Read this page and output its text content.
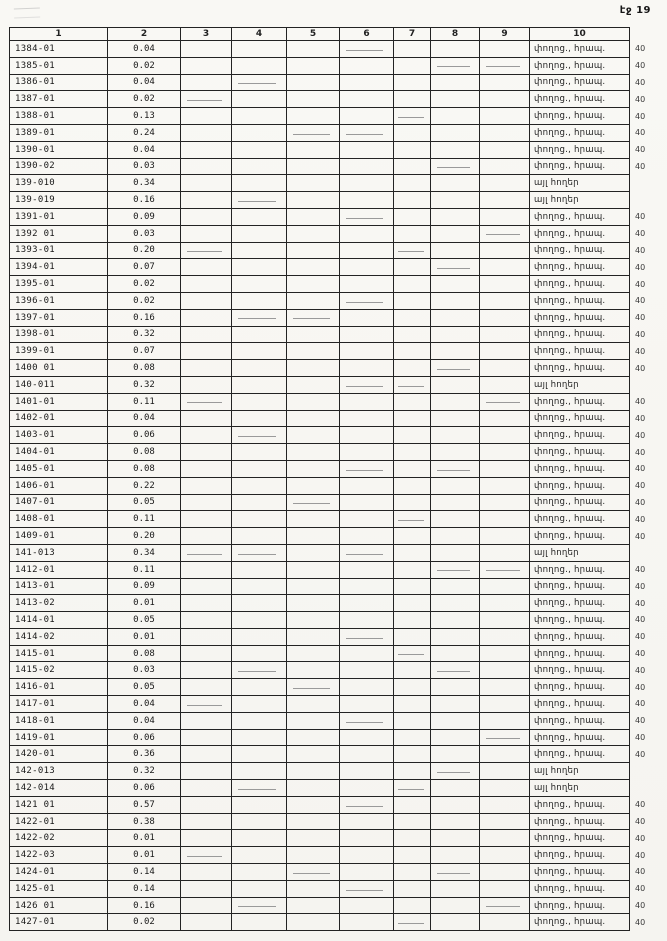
էջ 19
1	2	3	4	5	6	7	8	9	10	
1384-01	0.04								փողոց., հրապ.	40
1385-01	0.02								փողոց., հրապ.	40
1386-01	0.04								փողոց., հրապ.	40
1387-01	0.02								փողոց., հրապ.	40
1388-01	0.13								փողոց., հրապ.	40
1389-01	0.24								փողոց., հրապ.	40
1390-01	0.04								փողոց., հրապ.	40
1390-02	0.03								փողոց., հրապ.	40
139-010	0.34								այլ հողեր	
139-019	0.16								այլ հողեր	
1391-01	0.09								փողոց., հրապ.	40
1392 01	0.03								փողոց., հրապ.	40
1393-01	0.20								փողոց., հրապ.	40
1394-01	0.07								փողոց., հրապ.	40
1395-01	0.02								փողոց., հրապ.	40
1396-01	0.02								փողոց., հրապ.	40
1397-01	0.16								փողոց., հրապ.	40
1398-01	0.32								փողոց., հրապ.	40
1399-01	0.07								փողոց., հրապ.	40
1400 01	0.08								փողոց., հրապ.	40
140-011	0.32								այլ հողեր	
1401-01	0.11								փողոց., հրապ.	40
1402-01	0.04								փողոց., հրապ.	40
1403-01	0.06								փողոց., հրապ.	40
1404-01	0.08								փողոց., հրապ.	40
1405-01	0.08								փողոց., հրապ.	40
1406-01	0.22								փողոց., հրապ.	40
1407-01	0.05								փողոց., հրապ.	40
1408-01	0.11								փողոց., հրապ.	40
1409-01	0.20								փողոց., հրապ.	40
141-013	0.34								այլ հողեր	
1412-01	0.11								փողոց., հրապ.	40
1413-01	0.09								փողոց., հրապ.	40
1413-02	0.01								փողոց., հրապ.	40
1414-01	0.05								փողոց., հրապ.	40
1414-02	0.01								փողոց., հրապ.	40
1415-01	0.08								փողոց., հրապ.	40
1415-02	0.03								փողոց., հրապ.	40
1416-01	0.05								փողոց., հրապ.	40
1417-01	0.04								փողոց., հրապ.	40
1418-01	0.04								փողոց., հրապ.	40
1419-01	0.06								փողոց., հրապ.	40
1420-01	0.36								փողոց., հրապ.	40
142-013	0.32								այլ հողեր	
142-014	0.06								այլ հողեր	
1421 01	0.57								փողոց., հրապ.	40
1422-01	0.38								փողոց., հրապ.	40
1422-02	0.01								փողոց., հրապ.	40
1422-03	0.01								փողոց., հրապ.	40
1424-01	0.14								փողոց., հրապ.	40
1425-01	0.14								փողոց., հրապ.	40
1426 01	0.16								փողոց., հրապ.	40
1427-01	0.02								փողոց., հրապ.	40
